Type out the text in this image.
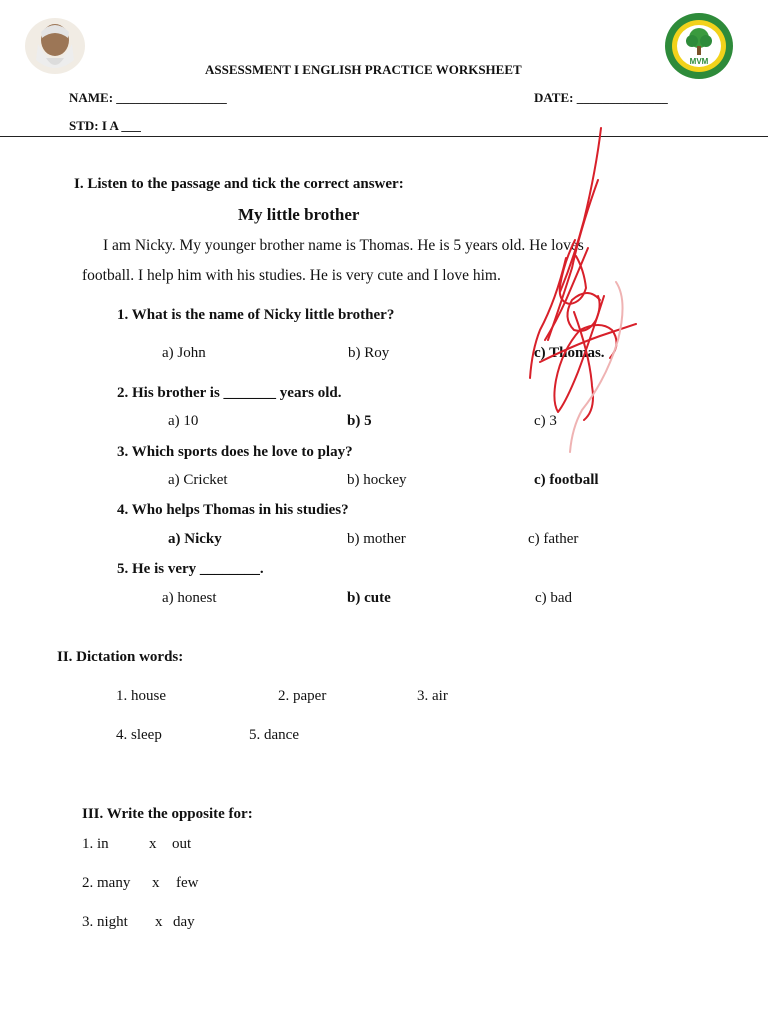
MVM
ASSESSMENT I ENGLISH PRACTICE WORKSHEET
NAME: _________________	DATE: ______________
STD: I A ___
I. Listen to the passage and tick the correct answer:
My little brother
I am Nicky. My younger brother name is Thomas. He is 5 years old. He loves
football. I help him with his studies. He is very cute and I love him.
1. What is the name of Nicky little brother?
a) John	b) Roy	c) Thomas.
2. His brother is _______ years old.
a) 10	b) 5	c) 3
3. Which sports does he love to play?
a) Cricket	b) hockey	c) football
4. Who helps Thomas in his studies?
a) Nicky	b) mother	c) father
5. He is very ________.
a) honest	b) cute	c) bad
II. Dictation words:
1. house	2. paper	3. air
4. sleep	5. dance
III. Write the opposite for:
1. in	x out
2. many x few
3. night x day
